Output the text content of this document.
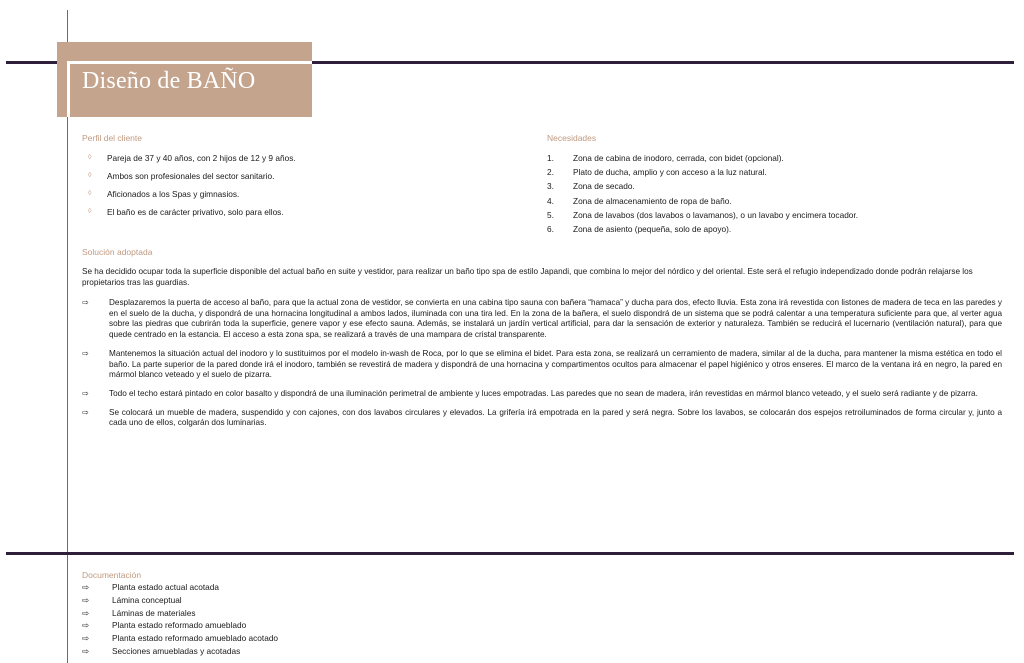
Diseño de BAÑO
Perfil del cliente
◊ Pareja de 37 y 40 años, con 2 hijos de 12 y 9 años.
◊ Ambos son profesionales del sector sanitario.
◊ Aficionados a los Spas y gimnasios.
◊ El baño es de carácter privativo, solo para ellos.
Necesidades
1. Zona de cabina de inodoro, cerrada, con bidet (opcional).
2. Plato de ducha, amplio y con acceso a la luz natural.
3. Zona de secado.
4. Zona de almacenamiento de ropa de baño.
5. Zona de lavabos (dos lavabos o lavamanos), o un lavabo y encimera tocador.
6. Zona de asiento (pequeña, solo de apoyo).
Solución adoptada

Se ha decidido ocupar toda la superficie disponible del actual baño en suite y vestidor, para realizar un baño tipo spa de estilo Japandi, que combina lo mejor del nórdico y del oriental. Este será el refugio independizado donde podrán relajarse los propietarios tras las guardias.

⇨ Desplazaremos la puerta de acceso al baño, para que la actual zona de vestidor, se convierta en una cabina tipo sauna con bañera “hamaca” y ducha para dos, efecto lluvia. Esta zona irá revestida con listones de madera de teca en las paredes y en el suelo de la ducha, y dispondrá de una hornacina longitudinal a ambos lados, iluminada con una tira led. En la zona de la bañera, el suelo dispondrá de un sistema que se podrá calentar a una temperatura suficiente para que, al verter agua sobre las piedras que cubrirán toda la superficie, genere vapor y ese efecto sauna. Además, se instalará un jardín vertical artificial, para dar la sensación de exterior y naturaleza. También se reducirá el lucernario (ventilación natural), para que quede centrado en la estancia. El acceso a esta zona spa, se realizará a través de una mampara de cristal transparente.
⇨ Mantenemos la situación actual del inodoro y lo sustituimos por el modelo in-wash de Roca, por lo que se elimina el bidet. Para esta zona, se realizará un cerramiento de madera, similar al de la ducha, para mantener la misma estética en todo el baño. La parte superior de la pared donde irá el inodoro, también se revestirá de madera y dispondrá de una hornacina y compartimentos ocultos para almacenar el papel higiénico y otros enseres. El marco de la ventana irá en negro, la pared en mármol blanco veteado y el suelo de pizarra.
⇨ Todo el techo estará pintado en color basalto y dispondrá de una iluminación perimetral de ambiente y luces empotradas. Las paredes que no sean de madera, irán revestidas en mármol blanco veteado, y el suelo será radiante y de pizarra.
⇨ Se colocará un mueble de madera, suspendido y con cajones, con dos lavabos circulares y elevados. La grifería irá empotrada en la pared y será negra. Sobre los lavabos, se colocarán dos espejos retroiluminados de forma circular y, junto a cada uno de ellos, colgarán dos luminarias.
Documentación
⇨	Planta estado actual acotada
⇨	Lámina conceptual
⇨	Láminas de materiales
⇨	Planta estado reformado amueblado
⇨	Planta estado reformado amueblado acotado
⇨	Secciones amuebladas y acotadas
